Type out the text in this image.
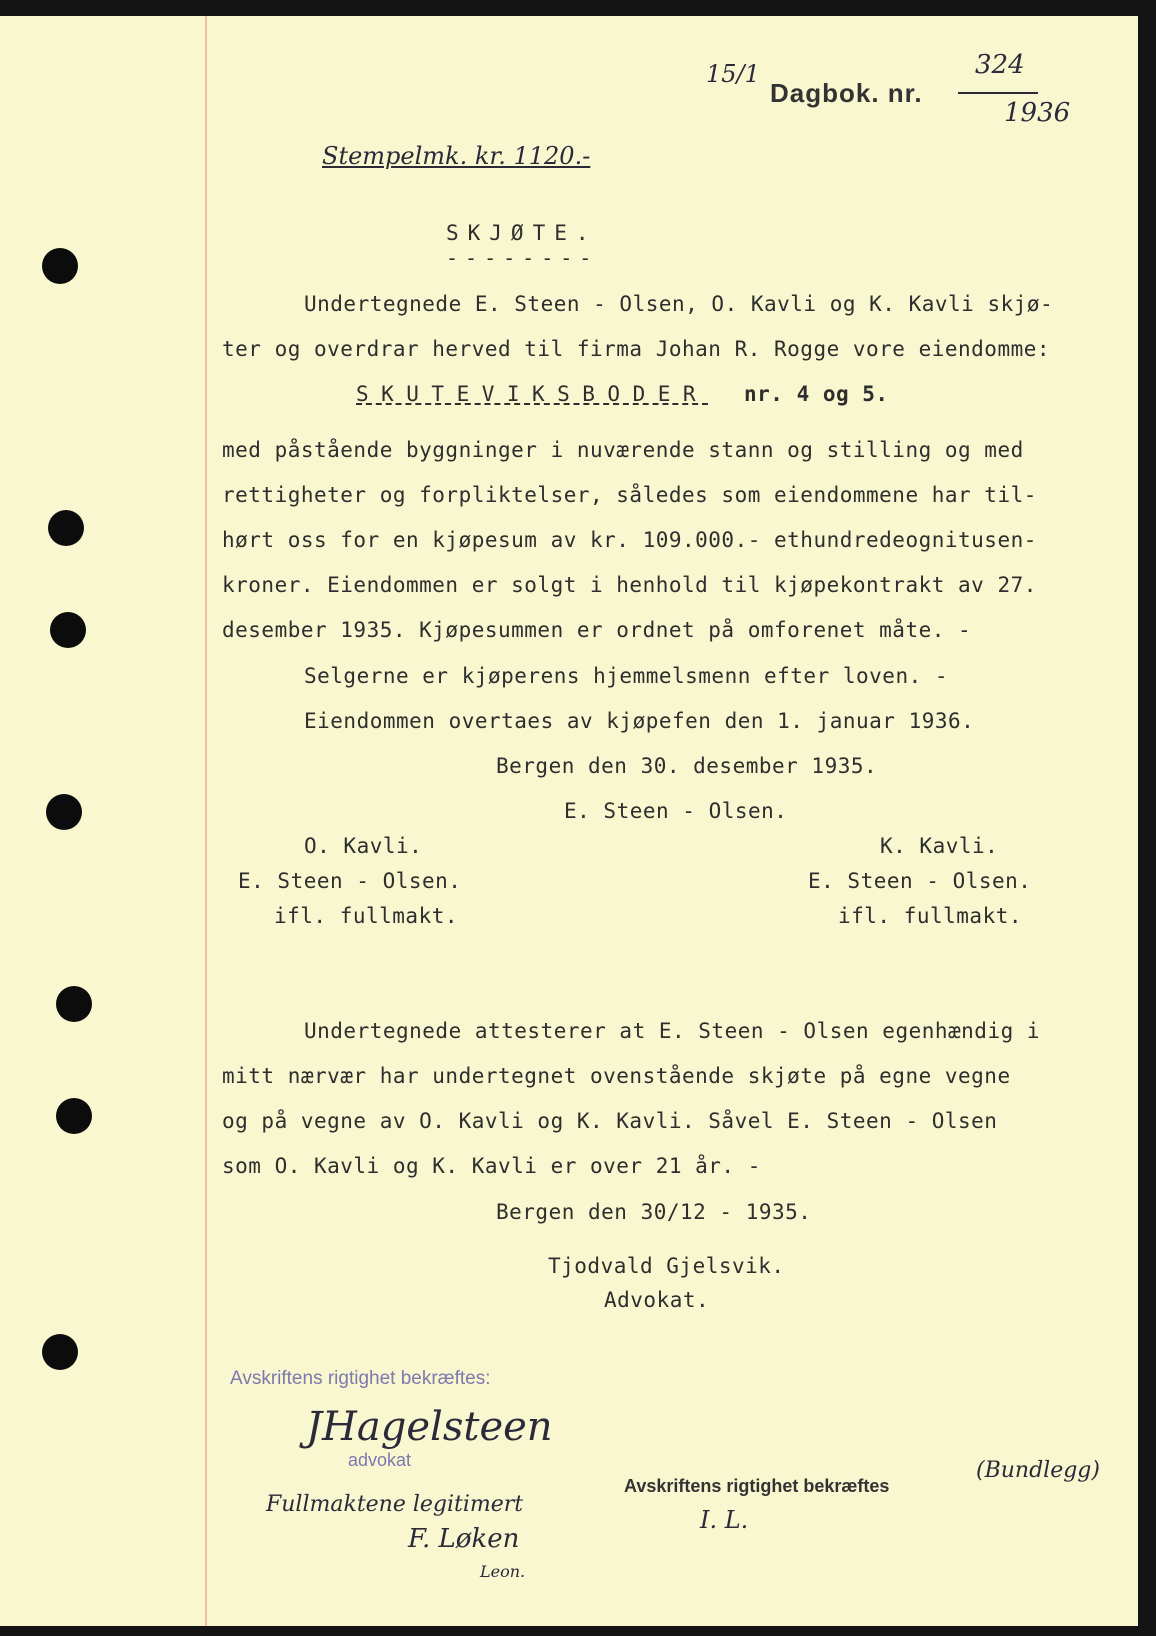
15/1
Dagbok. nr.
324
1936
Stempelmk. kr. 1120.-
SKJØTE.
--------
Undertegnede E. Steen - Olsen, O. Kavli og K. Kavli skjø-
ter og overdrar herved til firma Johan R. Rogge vore eiendomme:
SKUTEVIKSBODER nr. 4 og 5.
med påstående byggninger i nuværende stann og stilling og med
rettigheter og forpliktelser, således som eiendommene har til-
hørt oss for en kjøpesum av kr. 109.000.- ethundredeognitusen-
kroner. Eiendommen er solgt i henhold til kjøpekontrakt av 27.
desember 1935. Kjøpesummen er ordnet på omforenet måte. -
Selgerne er kjøperens hjemmelsmenn efter loven. -
Eiendommen overtaes av kjøpefen den 1. januar 1936.
Bergen den 30. desember 1935.
E. Steen - Olsen.
O. Kavli.
E. Steen - Olsen.
ifl. fullmakt.
K. Kavli.
E. Steen - Olsen.
ifl. fullmakt.
Undertegnede attesterer at E. Steen - Olsen egenhændig i
mitt nærvær har undertegnet ovenstående skjøte på egne vegne
og på vegne av O. Kavli og K. Kavli. Såvel E. Steen - Olsen
som O. Kavli og K. Kavli er over 21 år. -
Bergen den 30/12 - 1935.
Tjodvald Gjelsvik.
Advokat.
Avskriftens rigtighet bekræftes:
JHagelsteen
advokat
Fullmaktene legitimert
F. Løken
Leon.
Avskriftens rigtighet bekræftes
I. L.
(Bundlegg)
